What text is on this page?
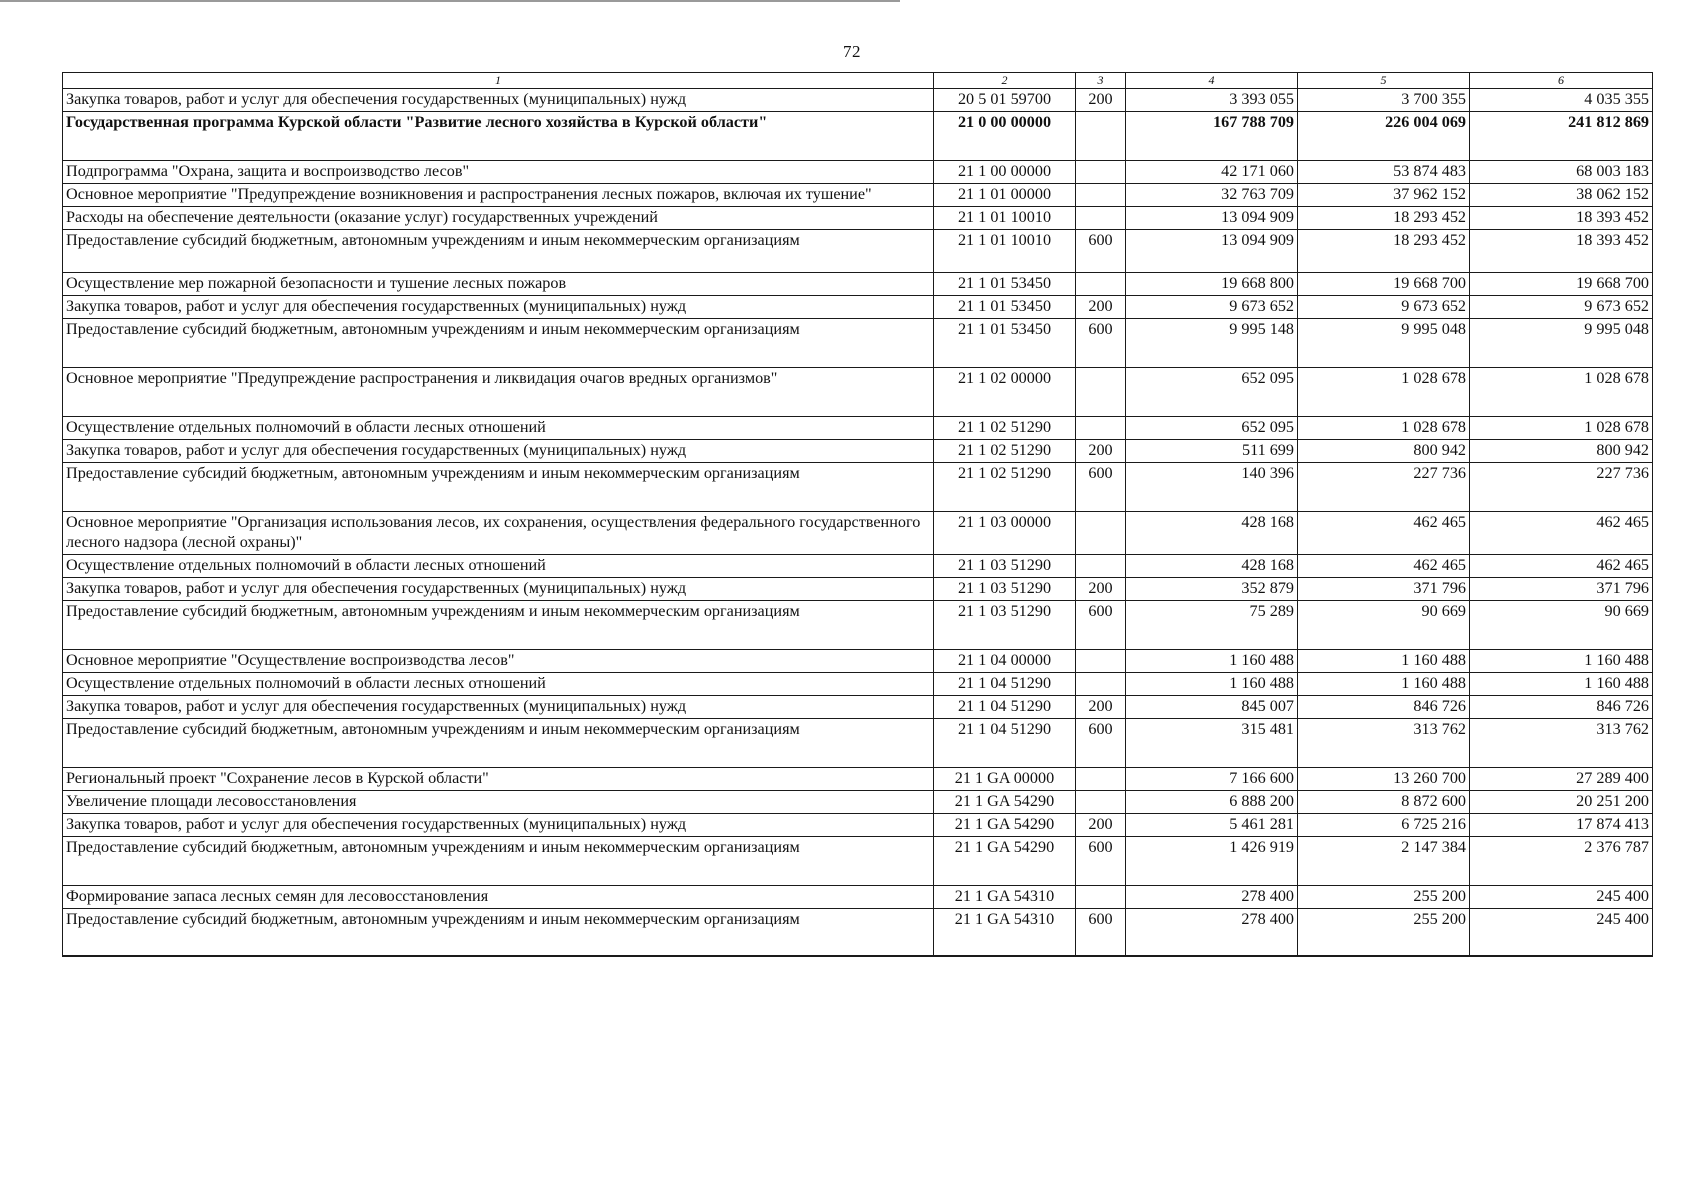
72
1	2	3	4	5	6
Закупка товаров, работ и услуг для обеспечения государственных (муниципальных) нужд	20 5 01 59700	200	3 393 055	3 700 355	4 035 355
Государственная программа Курской области "Развитие лесного хозяйства в Курской области"	21 0 00 00000		167 788 709	226 004 069	241 812 869
Подпрограмма "Охрана, защита и воспроизводство лесов"	21 1 00 00000		42 171 060	53 874 483	68 003 183
Основное мероприятие "Предупреждение возникновения и распространения лесных пожаров, включая их тушение"	21 1 01 00000		32 763 709	37 962 152	38 062 152
Расходы на обеспечение деятельности (оказание услуг) государственных учреждений	21 1 01 10010		13 094 909	18 293 452	18 393 452
Предоставление субсидий бюджетным, автономным учреждениям и иным некоммерческим организациям	21 1 01 10010	600	13 094 909	18 293 452	18 393 452
Осуществление мер пожарной безопасности и тушение лесных пожаров	21 1 01 53450		19 668 800	19 668 700	19 668 700
Закупка товаров, работ и услуг для обеспечения государственных (муниципальных) нужд	21 1 01 53450	200	9 673 652	9 673 652	9 673 652
Предоставление субсидий бюджетным, автономным учреждениям и иным некоммерческим организациям	21 1 01 53450	600	9 995 148	9 995 048	9 995 048
Основное мероприятие "Предупреждение распространения и ликвидация очагов вредных организмов"	21 1 02 00000		652 095	1 028 678	1 028 678
Осуществление отдельных полномочий в области лесных отношений	21 1 02 51290		652 095	1 028 678	1 028 678
Закупка товаров, работ и услуг для обеспечения государственных (муниципальных) нужд	21 1 02 51290	200	511 699	800 942	800 942
Предоставление субсидий бюджетным, автономным учреждениям и иным некоммерческим организациям	21 1 02 51290	600	140 396	227 736	227 736
Основное мероприятие "Организация использования лесов, их сохранения, осуществления федерального государственного лесного надзора (лесной охраны)"	21 1 03 00000		428 168	462 465	462 465
Осуществление отдельных полномочий в области лесных отношений	21 1 03 51290		428 168	462 465	462 465
Закупка товаров, работ и услуг для обеспечения государственных (муниципальных) нужд	21 1 03 51290	200	352 879	371 796	371 796
Предоставление субсидий бюджетным, автономным учреждениям и иным некоммерческим организациям	21 1 03 51290	600	75 289	90 669	90 669
Основное мероприятие "Осуществление воспроизводства лесов"	21 1 04 00000		1 160 488	1 160 488	1 160 488
Осуществление отдельных полномочий в области лесных отношений	21 1 04 51290		1 160 488	1 160 488	1 160 488
Закупка товаров, работ и услуг для обеспечения государственных (муниципальных) нужд	21 1 04 51290	200	845 007	846 726	846 726
Предоставление субсидий бюджетным, автономным учреждениям и иным некоммерческим организациям	21 1 04 51290	600	315 481	313 762	313 762
Региональный проект "Сохранение лесов в Курской области"	21 1 GA 00000		7 166 600	13 260 700	27 289 400
Увеличение площади лесовосстановления	21 1 GA 54290		6 888 200	8 872 600	20 251 200
Закупка товаров, работ и услуг для обеспечения государственных (муниципальных) нужд	21 1 GA 54290	200	5 461 281	6 725 216	17 874 413
Предоставление субсидий бюджетным, автономным учреждениям и иным некоммерческим организациям	21 1 GA 54290	600	1 426 919	2 147 384	2 376 787
Формирование запаса лесных семян для лесовосстановления	21 1 GA 54310		278 400	255 200	245 400
Предоставление субсидий бюджетным, автономным учреждениям и иным некоммерческим организациям	21 1 GA 54310	600	278 400	255 200	245 400
